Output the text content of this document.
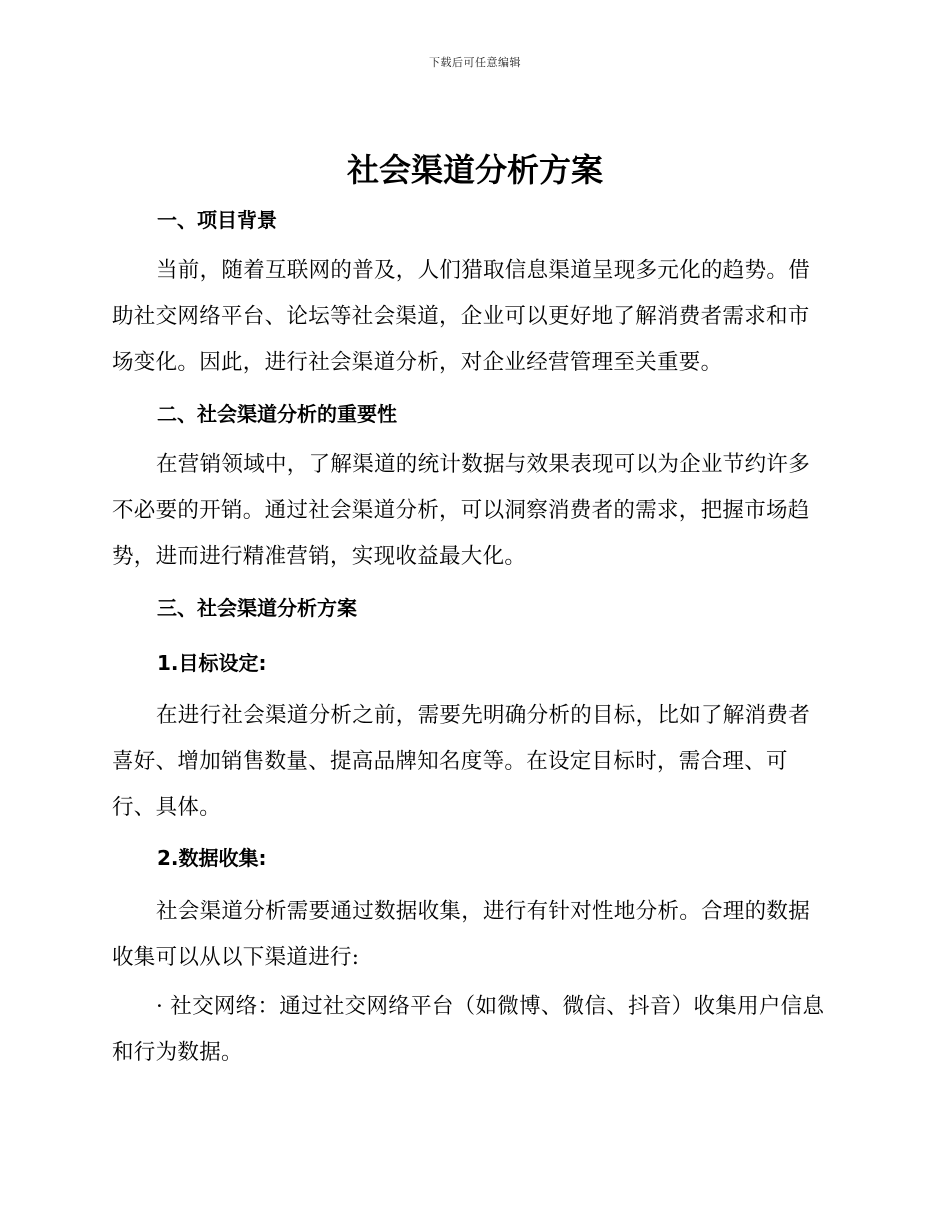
下载后可任意编辑
社会渠道分析方案
一、项目背景

当前，随着互联网的普及，人们猎取信息渠道呈现多元化的趋势。借助社交网络平台、论坛等社会渠道，企业可以更好地了解消费者需求和市场变化。因此，进行社会渠道分析，对企业经营管理至关重要。

二、社会渠道分析的重要性

在营销领域中，了解渠道的统计数据与效果表现可以为企业节约许多不必要的开销。通过社会渠道分析，可以洞察消费者的需求，把握市场趋势，进而进行精准营销，实现收益最大化。

三、社会渠道分析方案
1.目标设定:

在进行社会渠道分析之前，需要先明确分析的目标，比如了解消费者喜好、增加销售数量、提高品牌知名度等。在设定目标时，需合理、可行、具体。

2.数据收集:

社会渠道分析需要通过数据收集，进行有针对性地分析。合理的数据收集可以从以下渠道进行:

· 社交网络：通过社交网络平台（如微博、微信、抖音）收集用户信息和行为数据。
